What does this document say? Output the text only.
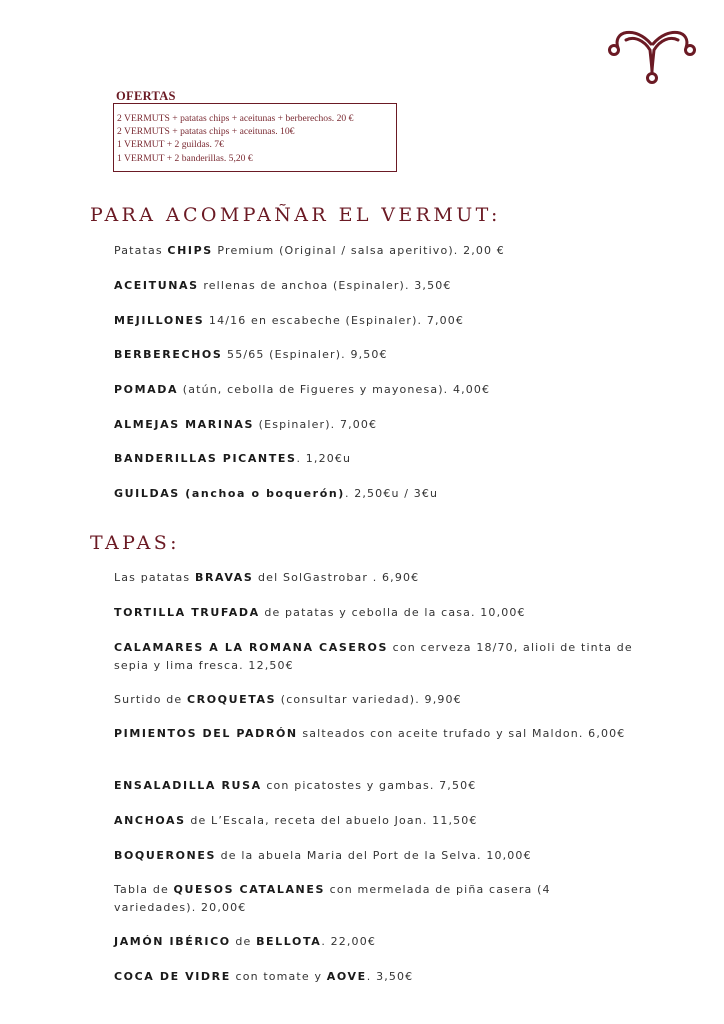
OFERTAS
2 VERMUTS + patatas chips + aceitunas + berberechos. 20 €
2 VERMUTS + patatas chips + aceitunas. 10€
1 VERMUT + 2 guildas. 7€
1 VERMUT + 2 banderillas. 5,20 €
PARA ACOMPAÑAR EL VERMUT:
Patatas CHIPS Premium (Original / salsa aperitivo). 2,00 €
ACEITUNAS rellenas de anchoa (Espinaler). 3,50€
MEJILLONES 14/16 en escabeche (Espinaler). 7,00€
BERBERECHOS 55/65 (Espinaler). 9,50€
POMADA (atún, cebolla de Figueres y mayonesa). 4,00€
ALMEJAS MARINAS (Espinaler). 7,00€
BANDERILLAS PICANTES. 1,20€u
GUILDAS (anchoa o boquerón). 2,50€u / 3€u
TAPAS:
Las patatas BRAVAS del SolGastrobar . 6,90€
TORTILLA TRUFADA de patatas y cebolla de la casa. 10,00€
CALAMARES A LA ROMANA CASEROS con cerveza 18/70, alioli de tinta de sepia y lima fresca. 12,50€
Surtido de CROQUETAS (consultar variedad). 9,90€
PIMIENTOS DEL PADRÓN salteados con aceite trufado y sal Maldon. 6,00€
ENSALADILLA RUSA con picatostes y gambas. 7,50€
ANCHOAS de L’Escala, receta del abuelo Joan. 11,50€
BOQUERONES de la abuela Maria del Port de la Selva. 10,00€
Tabla de QUESOS CATALANES con mermelada de piña casera (4 variedades). 20,00€
JAMÓN IBÉRICO de BELLOTA. 22,00€
COCA DE VIDRE con tomate y AOVE. 3,50€
